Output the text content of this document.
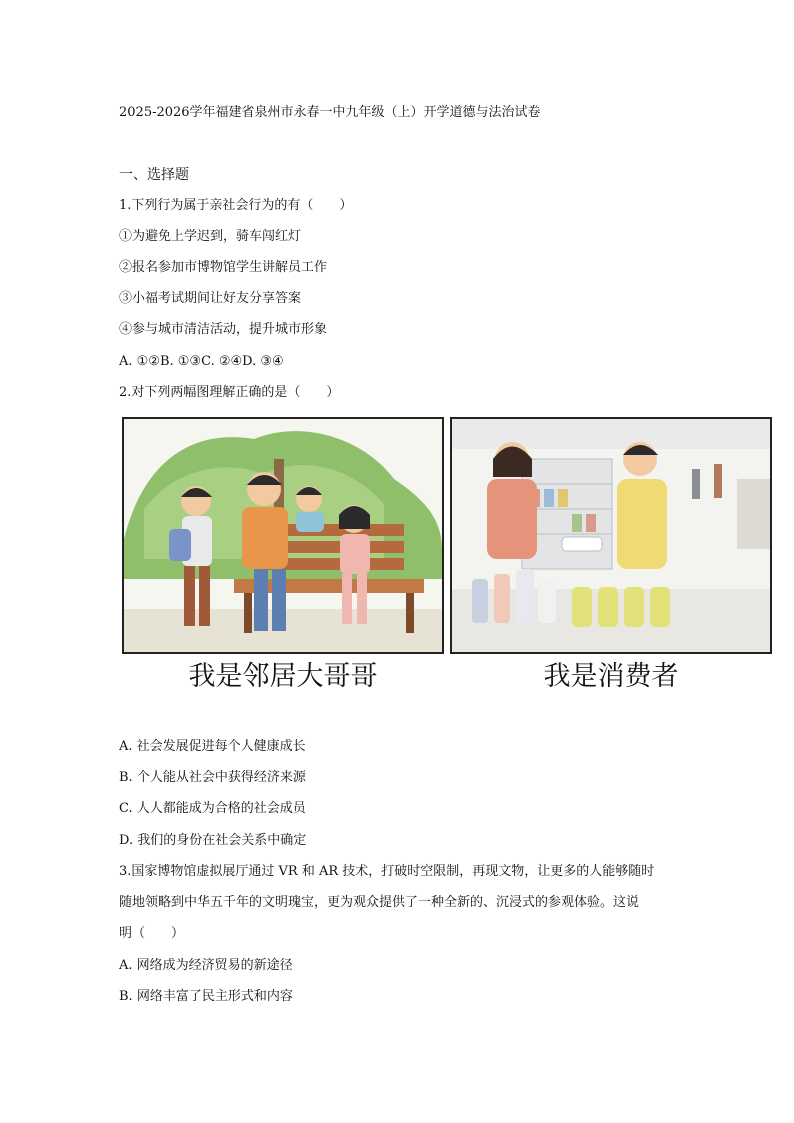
2025-2026学年福建省泉州市永春一中九年级（上）开学道德与法治试卷
一、选择题
1.下列行为属于亲社会行为的有（　　）
①为避免上学迟到，骑车闯红灯
②报名参加市博物馆学生讲解员工作
③小福考试期间让好友分享答案
④参与城市清洁活动，提升城市形象
A. ①②B. ①③C. ②④D. ③④
2.对下列两幅图理解正确的是（　　）
我是邻居大哥哥	我是消费者
A. 社会发展促进每个人健康成长
B. 个人能从社会中获得经济来源
C. 人人都能成为合格的社会成员
D. 我们的身份在社会关系中确定
3.国家博物馆虚拟展厅通过 VR 和 AR 技术，打破时空限制，再现文物，让更多的人能够随时
随地领略到中华五千年的文明瑰宝，更为观众提供了一种全新的、沉浸式的参观体验。这说
明（　　）
A. 网络成为经济贸易的新途径
B. 网络丰富了民主形式和内容
